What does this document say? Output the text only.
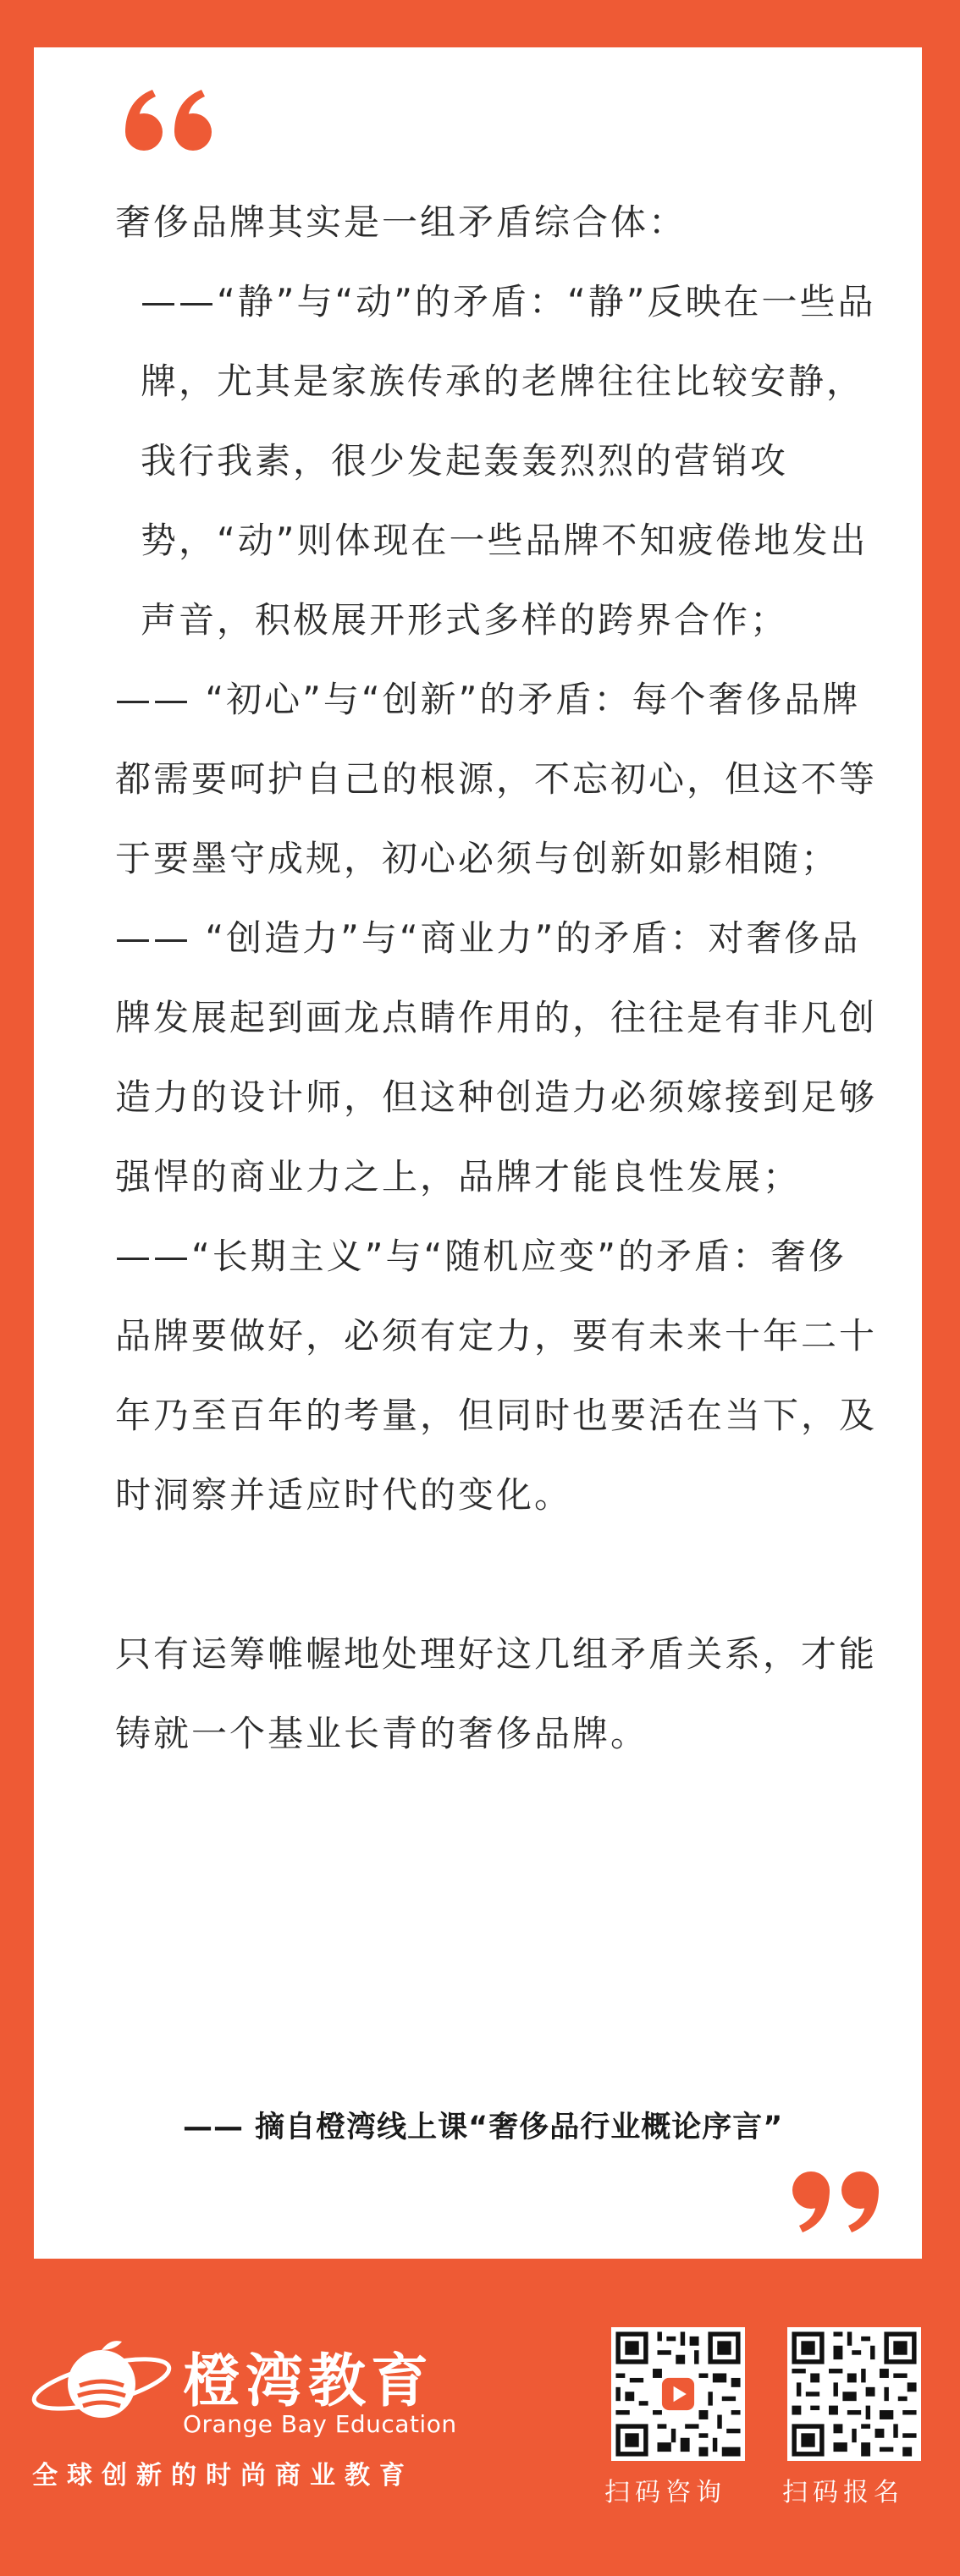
奢侈品牌其实是一组矛盾综合体：

——“静”与“动”的矛盾：“静”反映在一些品牌，尤其是家族传承的老牌往往比较安静，我行我素，很少发起轰轰烈烈的营销攻势，“动”则体现在一些品牌不知疲倦地发出声音，积极展开形式多样的跨界合作；

—— “初心”与“创新”的矛盾：每个奢侈品牌都需要呵护自己的根源，不忘初心，但这不等于要墨守成规，初心必须与创新如影相随；

—— “创造力”与“商业力”的矛盾：对奢侈品牌发展起到画龙点睛作用的，往往是有非凡创造力的设计师，但这种创造力必须嫁接到足够强悍的商业力之上，品牌才能良性发展；

——“长期主义”与“随机应变”的矛盾：奢侈品牌要做好，必须有定力，要有未来十年二十年乃至百年的考量，但同时也要活在当下，及时洞察并适应时代的变化。

只有运筹帷幄地处理好这几组矛盾关系，才能铸就一个基业长青的奢侈品牌。

—— 摘自橙湾线上课“奢侈品行业概论序言”
橙湾教育
Orange Bay Education
全球创新的时尚商业教育
扫码咨询 扫码报名
